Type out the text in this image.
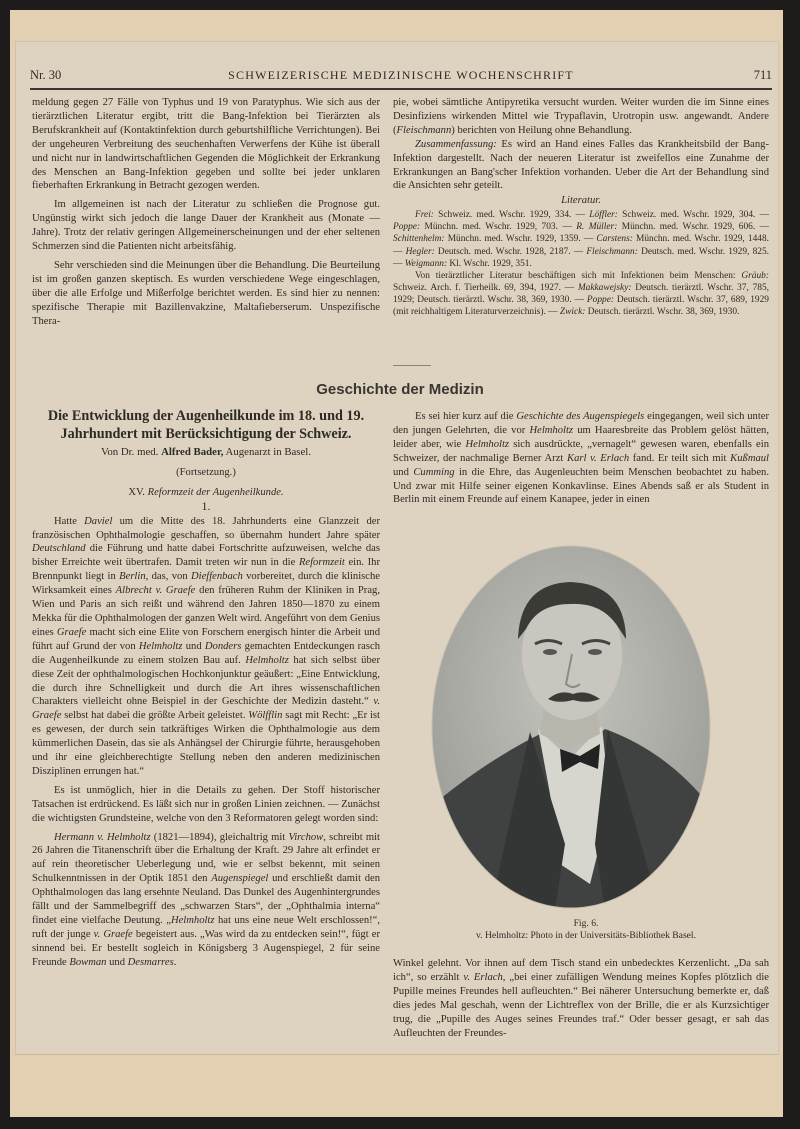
Nr. 30	SCHWEIZERISCHE MEDIZINISCHE WOCHENSCHRIFT	711

meldung gegen 27 Fälle von Typhus und 19 von Paratyphus. Wie sich aus der tierärztlichen Literatur ergibt, tritt die Bang-Infektion bei Tierärzten als Berufskrankheit auf (Kontaktinfektion durch geburtshilfliche Verrichtungen). Bei der ungeheuren Verbreitung des seuchenhaften Verwerfens der Kühe ist überall und nicht nur in landwirtschaftlichen Gegenden die Möglichkeit der Erkrankung des Menschen an Bang-Infektion gegeben und sollte bei jeder unklaren fieberhaften Erkrankung in Betracht gezogen werden.

Im allgemeinen ist nach der Literatur zu schließen die Prognose gut. Ungünstig wirkt sich jedoch die lange Dauer der Krankheit aus (Monate — Jahre). Trotz der relativ geringen Allgemeinerscheinungen und der eher seltenen Schmerzen sind die Patienten nicht arbeitsfähig.

Sehr verschieden sind die Meinungen über die Behandlung. Die Beurteilung ist im großen ganzen skeptisch. Es wurden verschiedene Wege eingeschlagen, über die alle Erfolge und Mißerfolge berichtet werden. Es sind hier zu nennen: spezifische Therapie mit Bazillenvakzine, Maltafieberserum. Unspezifische Thera-

pie, wobei sämtliche Antipyretika versucht wurden. Weiter wurden die im Sinne eines Desinfiziens wirkenden Mittel wie Trypaflavin, Urotropin usw. angewandt. Andere (Fleischmann) berichten von Heilung ohne Behandlung.

Zusammenfassung: Es wird an Hand eines Falles das Krankheitsbild der Bang-Infektion dargestellt. Nach der neueren Literatur ist zweifellos eine Zunahme der Erkrankungen an Bang'scher Infektion vorhanden. Ueber die Art der Behandlung sind die Ansichten sehr geteilt.

Literatur.

Frei: Schweiz. med. Wschr. 1929, 334. — Löffler: Schweiz. med. Wschr. 1929, 304. — Poppe: Münchn. med. Wschr. 1929, 703. — R. Müller: Münchn. med. Wschr. 1929, 606. — Schittenhelm: Münchn. med. Wschr. 1929, 1359. — Carstens: Münchn. med. Wschr. 1929, 1448. — Hegler: Deutsch. med. Wschr. 1928, 2187. — Fleischmann: Deutsch. med. Wschr. 1929, 825. — Weigmann: Kl. Wschr. 1929, 351.

Von tierärztlicher Literatur beschäftigen sich mit Infektionen beim Menschen: Gräub: Schweiz. Arch. f. Tierheilk. 69, 394, 1927. — Makkawejsky: Deutsch. tierärztl. Wschr. 37, 785, 1929; Deutsch. tierärztl. Wschr. 38, 369, 1930. — Poppe: Deutsch. tierärztl. Wschr. 37, 689, 1929 (mit reichhaltigem Literaturverzeichnis). — Zwick: Deutsch. tierärztl. Wschr. 38, 369, 1930.

Geschichte der Medizin
Die Entwicklung der Augenheilkunde im 18. und 19. Jahrhundert mit Berücksichtigung der Schweiz.
Von Dr. med. Alfred Bader, Augenarzt in Basel.
(Fortsetzung.)
XV. Reformzeit der Augenheilkunde.
1.

Hatte Daviel um die Mitte des 18. Jahrhunderts eine Glanzzeit der französischen Ophthalmologie geschaffen, so übernahm hundert Jahre später Deutschland die Führung und hatte dabei Fortschritte aufzuweisen, welche das bisher Erreichte weit übertrafen. Damit treten wir nun in die Reformzeit ein. Ihr Brennpunkt liegt in Berlin, das, von Dieffenbach vorbereitet, durch die klinische Wirksamkeit eines Albrecht v. Graefe den früheren Ruhm der Kliniken in Prag, Wien und Paris an sich reißt und während den Jahren 1850—1870 zu einem Mekka für die Ophthalmologen der ganzen Welt wird. Angeführt von dem Genius eines Graefe macht sich eine Elite von Forschern energisch hinter die Arbeit und führt auf Grund der von Helmholtz und Donders gemachten Entdeckungen rasch die Augenheilkunde zu einem stolzen Bau auf. Helmholtz hat sich selbst über diese Zeit der ophthalmologischen Hochkonjunktur geäußert: „Eine Entwicklung, die durch ihre Schnelligkeit und durch die Art ihres wissenschaftlichen Charakters vielleicht ohne Beispiel in der Geschichte der Medizin dasteht.“ v. Graefe selbst hat dabei die größte Arbeit geleistet. Wölfflin sagt mit Recht: „Er ist es gewesen, der durch sein tatkräftiges Wirken die Ophthalmologie aus dem kümmerlichen Dasein, das sie als Anhängsel der Chirurgie führte, herausgehoben und ihr eine gleichberechtigte Stellung neben den anderen medizinischen Disziplinen errungen hat.“

Es ist unmöglich, hier in die Details zu gehen. Der Stoff historischer Tatsachen ist erdrückend. Es läßt sich nur in großen Linien zeichnen. — Zunächst die wichtigsten Grundsteine, welche von den 3 Reformatoren gelegt worden sind:

Hermann v. Helmholtz (1821—1894), gleichaltrig mit Virchow, schreibt mit 26 Jahren die Titanenschrift über die Erhaltung der Kraft. 29 Jahre alt erfindet er auf rein theoretischer Ueberlegung und, wie er selbst bekennt, mit seinen Schulkenntnissen in der Optik 1851 den Augenspiegel und erschließt damit den Ophthalmologen das lang ersehnte Neuland. Das Dunkel des Augenhintergrundes fällt und der Sammelbegriff des „schwarzen Stars“, der „Ophthalmia interna“ findet eine vielfache Deutung. „Helmholtz hat uns eine neue Welt erschlossen!“, ruft der junge v. Graefe begeistert aus. „Was wird da zu entdecken sein!“, fügt er sinnend bei. Er bestellt sogleich in Königsberg 3 Augenspiegel, 2 für seine Freunde Bowman und Desmarres.

Es sei hier kurz auf die Geschichte des Augenspiegels eingegangen, weil sich unter den jungen Gelehrten, die vor Helmholtz um Haaresbreite das Problem gelöst hätten, leider aber, wie Helmholtz sich ausdrückte, „vernagelt“ gewesen waren, ebenfalls ein Schweizer, der nachmalige Berner Arzt Karl v. Erlach fand. Er teilt sich mit Kußmaul und Cumming in die Ehre, das Augenleuchten beim Menschen beobachtet zu haben. Und zwar mit Hilfe seiner eigenen Konkavlinse. Eines Abends saß er als Student in Berlin mit einem Freunde auf einem Kanapee, jeder in einen

Fig. 6.
v. Helmholtz: Photo in der Universitäts-Bibliothek Basel.

Winkel gelehnt. Vor ihnen auf dem Tisch stand ein unbedecktes Kerzenlicht. „Da sah ich“, so erzählt v. Erlach, „bei einer zufälligen Wendung meines Kopfes plötzlich die Pupille meines Freundes hell aufleuchten.“ Bei näherer Untersuchung bemerkte er, daß dies jedes Mal geschah, wenn der Lichtreflex von der Brille, die er als Kurzsichtiger trug, die „Pupille des Auges seines Freundes traf.“ Oder besser gesagt, er sah das Aufleuchten der Freundes-
